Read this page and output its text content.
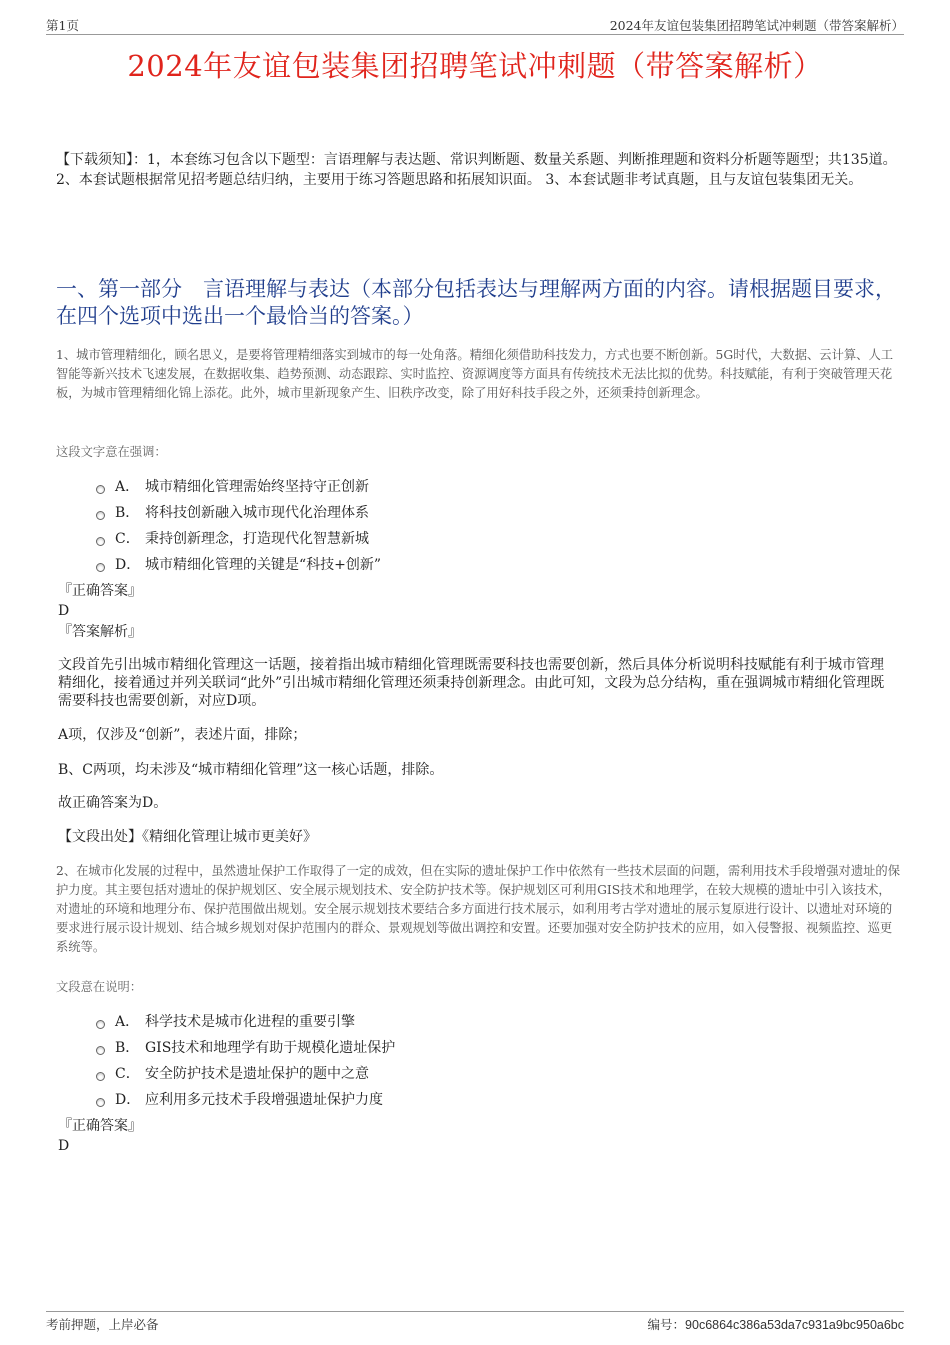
第1页	2024年友谊包装集团招聘笔试冲刺题（带答案解析）
2024年友谊包装集团招聘笔试冲刺题（带答案解析）
【下载须知】：1，本套练习包含以下题型：言语理解与表达题、常识判断题、数量关系题、判断推理题和资料分析题等题型；共135道。 2、本套试题根据常见招考题总结归纳，主要用于练习答题思路和拓展知识面。 3、本套试题非考试真题，且与友谊包装集团无关。
一、第一部分　言语理解与表达（本部分包括表达与理解两方面的内容。请根据题目要求，在四个选项中选出一个最恰当的答案。）
1、城市管理精细化，顾名思义，是要将管理精细落实到城市的每一处角落。精细化须借助科技发力，方式也要不断创新。5G时代，大数据、云计算、人工智能等新兴技术飞速发展，在数据收集、趋势预测、动态跟踪、实时监控、资源调度等方面具有传统技术无法比拟的优势。科技赋能，有利于突破管理天花板，为城市管理精细化锦上添花。此外，城市里新现象产生、旧秩序改变，除了用好科技手段之外，还须秉持创新理念。
这段文字意在强调：
A． 城市精细化管理需始终坚持守正创新
B． 将科技创新融入城市现代化治理体系
C． 秉持创新理念，打造现代化智慧新城
D． 城市精细化管理的关键是“科技+创新”
『正确答案』
D
『答案解析』
文段首先引出城市精细化管理这一话题，接着指出城市精细化管理既需要科技也需要创新，然后具体分析说明科技赋能有利于城市管理精细化，接着通过并列关联词“此外”引出城市精细化管理还须秉持创新理念。由此可知，文段为总分结构，重在强调城市精细化管理既需要科技也需要创新，对应D项。
A项，仅涉及“创新”，表述片面，排除；
B、C两项，均未涉及“城市精细化管理”这一核心话题，排除。
故正确答案为D。
【文段出处】《精细化管理让城市更美好》
2、在城市化发展的过程中，虽然遗址保护工作取得了一定的成效，但在实际的遗址保护工作中依然有一些技术层面的问题，需利用技术手段增强对遗址的保护力度。其主要包括对遗址的保护规划区、安全展示规划技术、安全防护技术等。保护规划区可利用GIS技术和地理学，在较大规模的遗址中引入该技术，对遗址的环境和地理分布、保护范围做出规划。安全展示规划技术要结合多方面进行技术展示，如利用考古学对遗址的展示复原进行设计、以遗址对环境的要求进行展示设计规划、结合城乡规划对保护范围内的群众、景观规划等做出调控和安置。还要加强对安全防护技术的应用，如入侵警报、视频监控、巡更系统等。
文段意在说明：
A． 科学技术是城市化进程的重要引擎
B． GIS技术和地理学有助于规模化遗址保护
C． 安全防护技术是遗址保护的题中之意
D． 应利用多元技术手段增强遗址保护力度
『正确答案』
D
考前押题，上岸必备	编号：90c6864c386a53da7c931a9bc950a6bc
